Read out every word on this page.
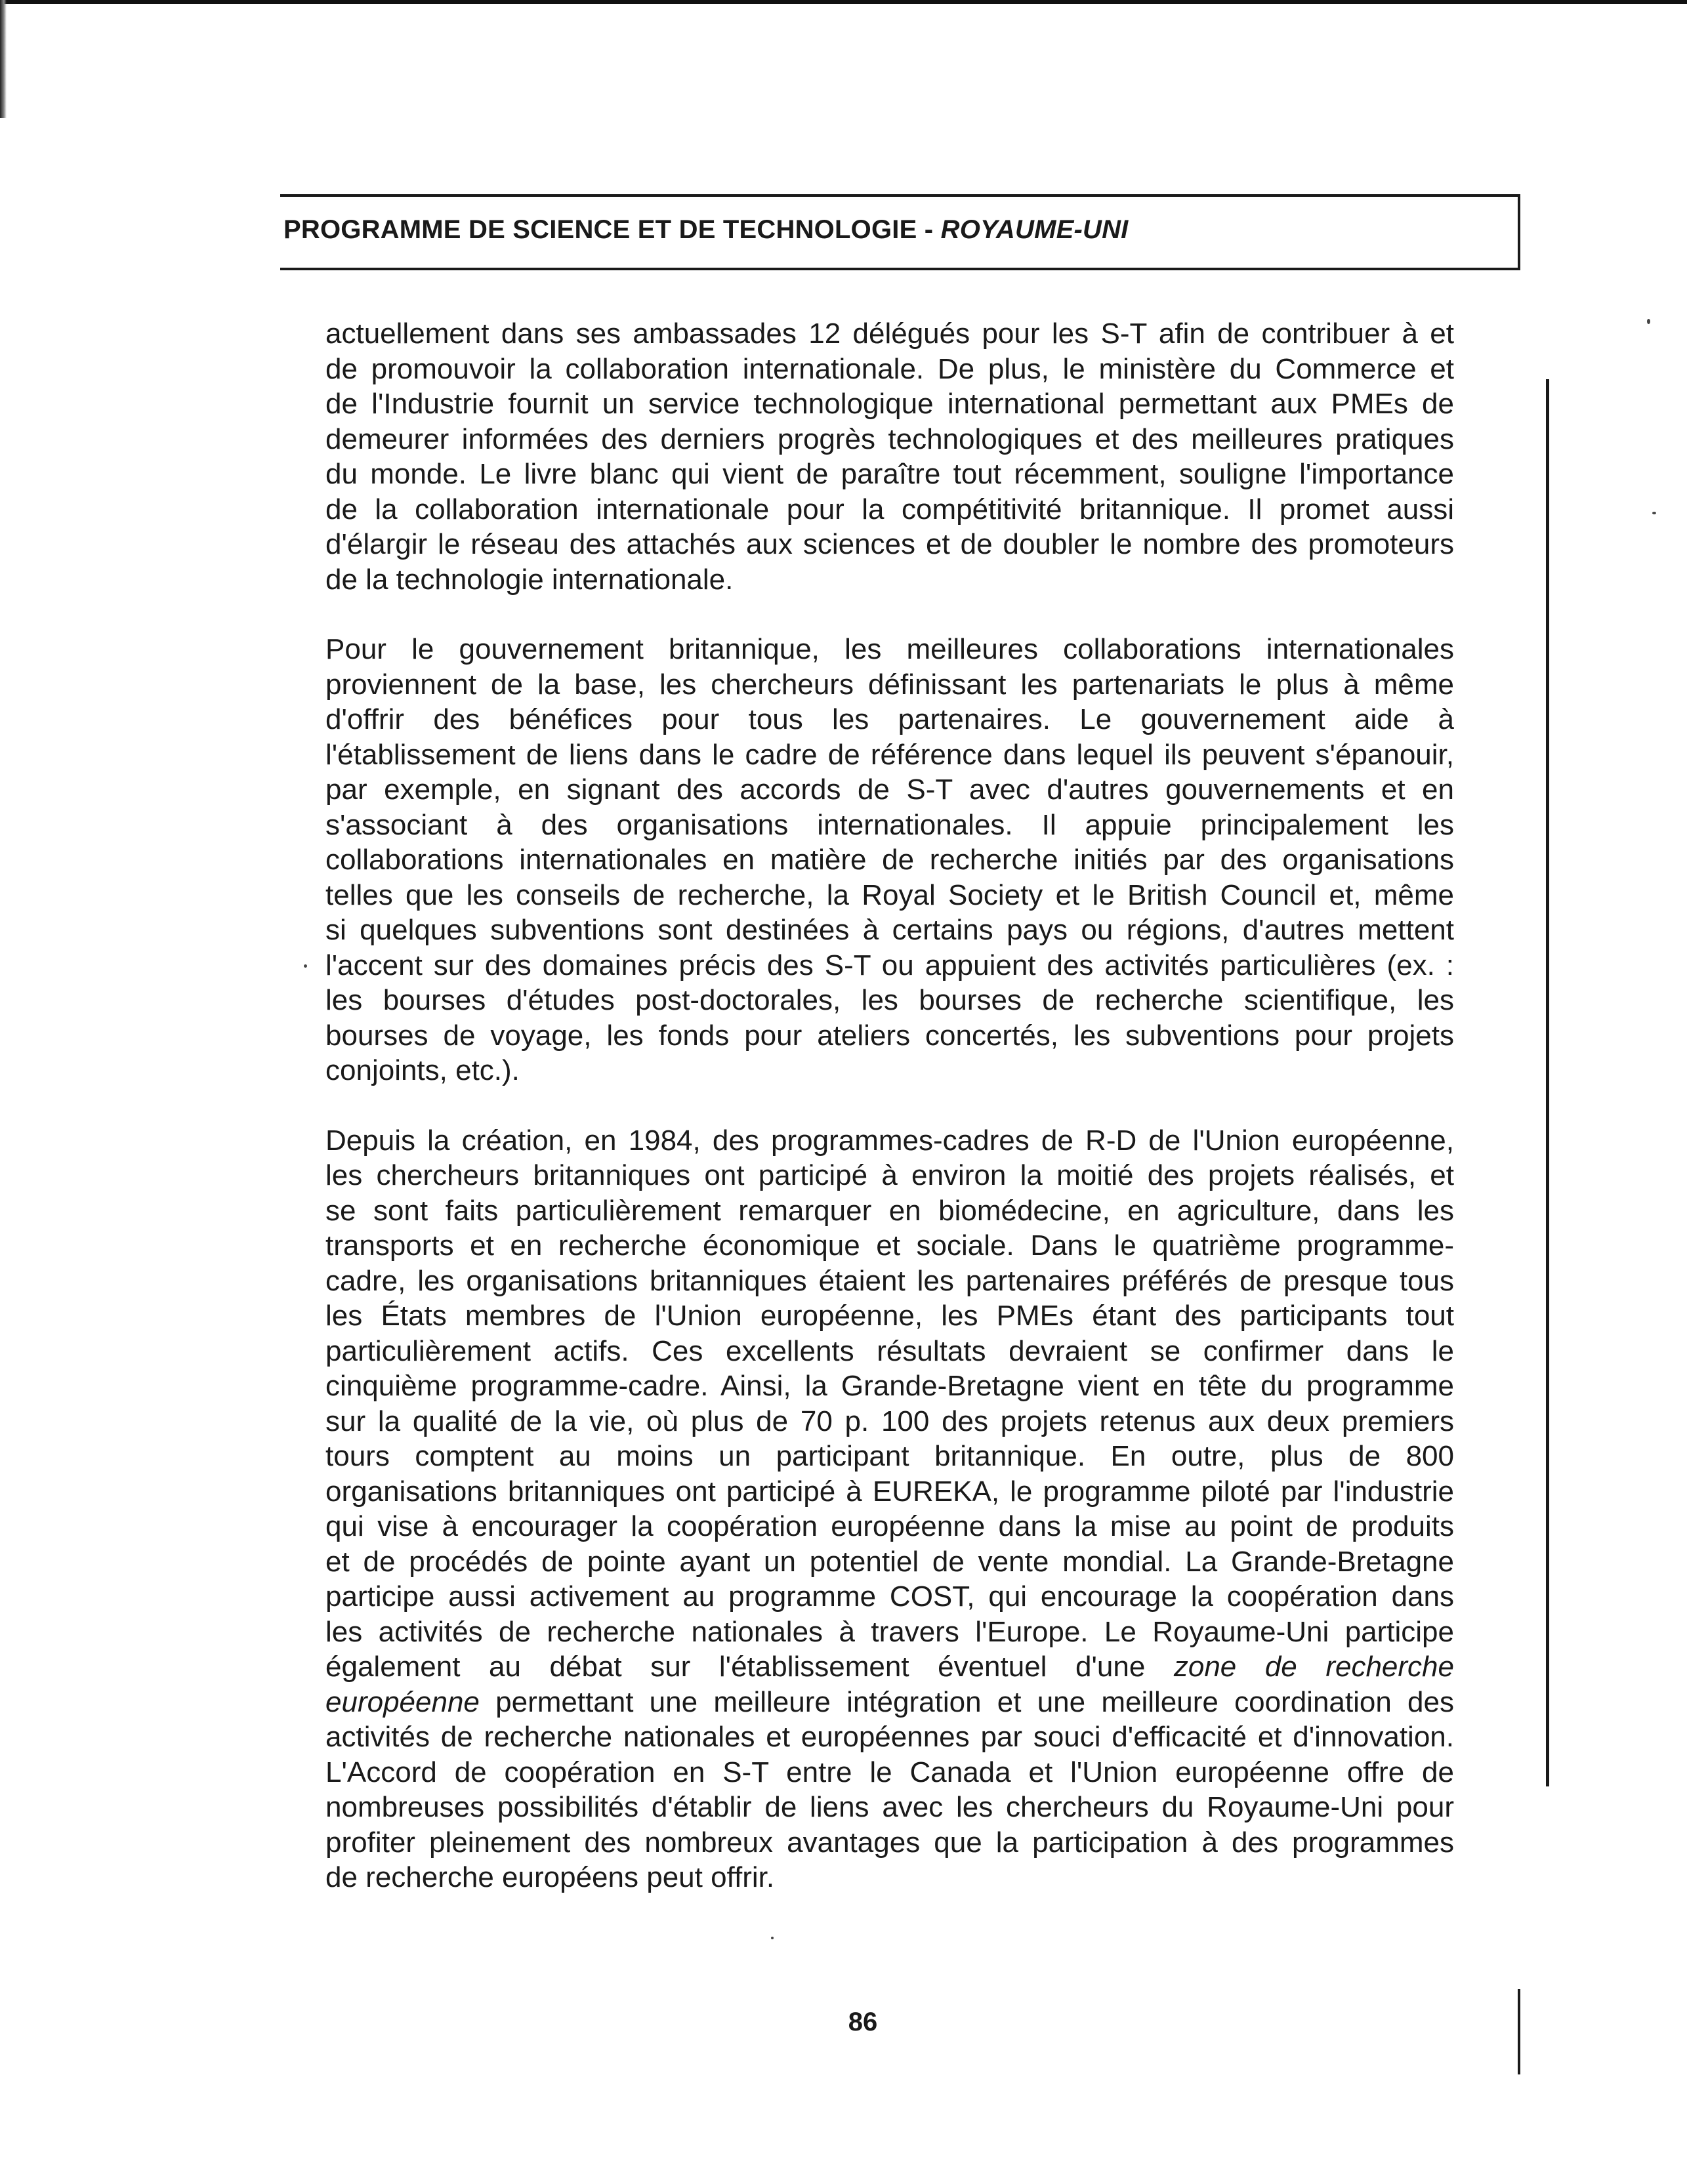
PROGRAMME DE SCIENCE ET DE TECHNOLOGIE - ROYAUME-UNI
actuellement dans ses ambassades 12 délégués pour les S-T afin de contribuer à et
de promouvoir la collaboration internationale. De plus, le ministère du Commerce et
de l'Industrie fournit un service technologique international permettant aux PMEs de
demeurer informées des derniers progrès technologiques et des meilleures pratiques
du monde. Le livre blanc qui vient de paraître tout récemment, souligne l'importance
de la collaboration internationale pour la compétitivité britannique. Il promet aussi
d'élargir le réseau des attachés aux sciences et de doubler le nombre des promoteurs
de la technologie internationale.
Pour le gouvernement britannique, les meilleures collaborations internationales
proviennent de la base, les chercheurs définissant les partenariats le plus à même
d'offrir des bénéfices pour tous les partenaires. Le gouvernement aide à
l'établissement de liens dans le cadre de référence dans lequel ils peuvent s'épanouir,
par exemple, en signant des accords de S-T avec d'autres gouvernements et en
s'associant à des organisations internationales. Il appuie principalement les
collaborations internationales en matière de recherche initiés par des organisations
telles que les conseils de recherche, la Royal Society et le British Council et, même
si quelques subventions sont destinées à certains pays ou régions, d'autres mettent
l'accent sur des domaines précis des S-T ou appuient des activités particulières (ex. :
les bourses d'études post-doctorales, les bourses de recherche scientifique, les
bourses de voyage, les fonds pour ateliers concertés, les subventions pour projets
conjoints, etc.).
Depuis la création, en 1984, des programmes-cadres de R-D de l'Union européenne,
les chercheurs britanniques ont participé à environ la moitié des projets réalisés, et
se sont faits particulièrement remarquer en biomédecine, en agriculture, dans les
transports et en recherche économique et sociale. Dans le quatrième programme-
cadre, les organisations britanniques étaient les partenaires préférés de presque tous
les États membres de l'Union européenne, les PMEs étant des participants tout
particulièrement actifs. Ces excellents résultats devraient se confirmer dans le
cinquième programme-cadre. Ainsi, la Grande-Bretagne vient en tête du programme
sur la qualité de la vie, où plus de 70 p. 100 des projets retenus aux deux premiers
tours comptent au moins un participant britannique. En outre, plus de 800
organisations britanniques ont participé à EUREKA, le programme piloté par l'industrie
qui vise à encourager la coopération européenne dans la mise au point de produits
et de procédés de pointe ayant un potentiel de vente mondial. La Grande-Bretagne
participe aussi activement au programme COST, qui encourage la coopération dans
les activités de recherche nationales à travers l'Europe. Le Royaume-Uni participe
également au débat sur l'établissement éventuel d'une zone de recherche
européenne permettant une meilleure intégration et une meilleure coordination des
activités de recherche nationales et européennes par souci d'efficacité et d'innovation.
L'Accord de coopération en S-T entre le Canada et l'Union européenne offre de
nombreuses possibilités d'établir de liens avec les chercheurs du Royaume-Uni pour
profiter pleinement des nombreux avantages que la participation à des programmes
de recherche européens peut offrir.
86
